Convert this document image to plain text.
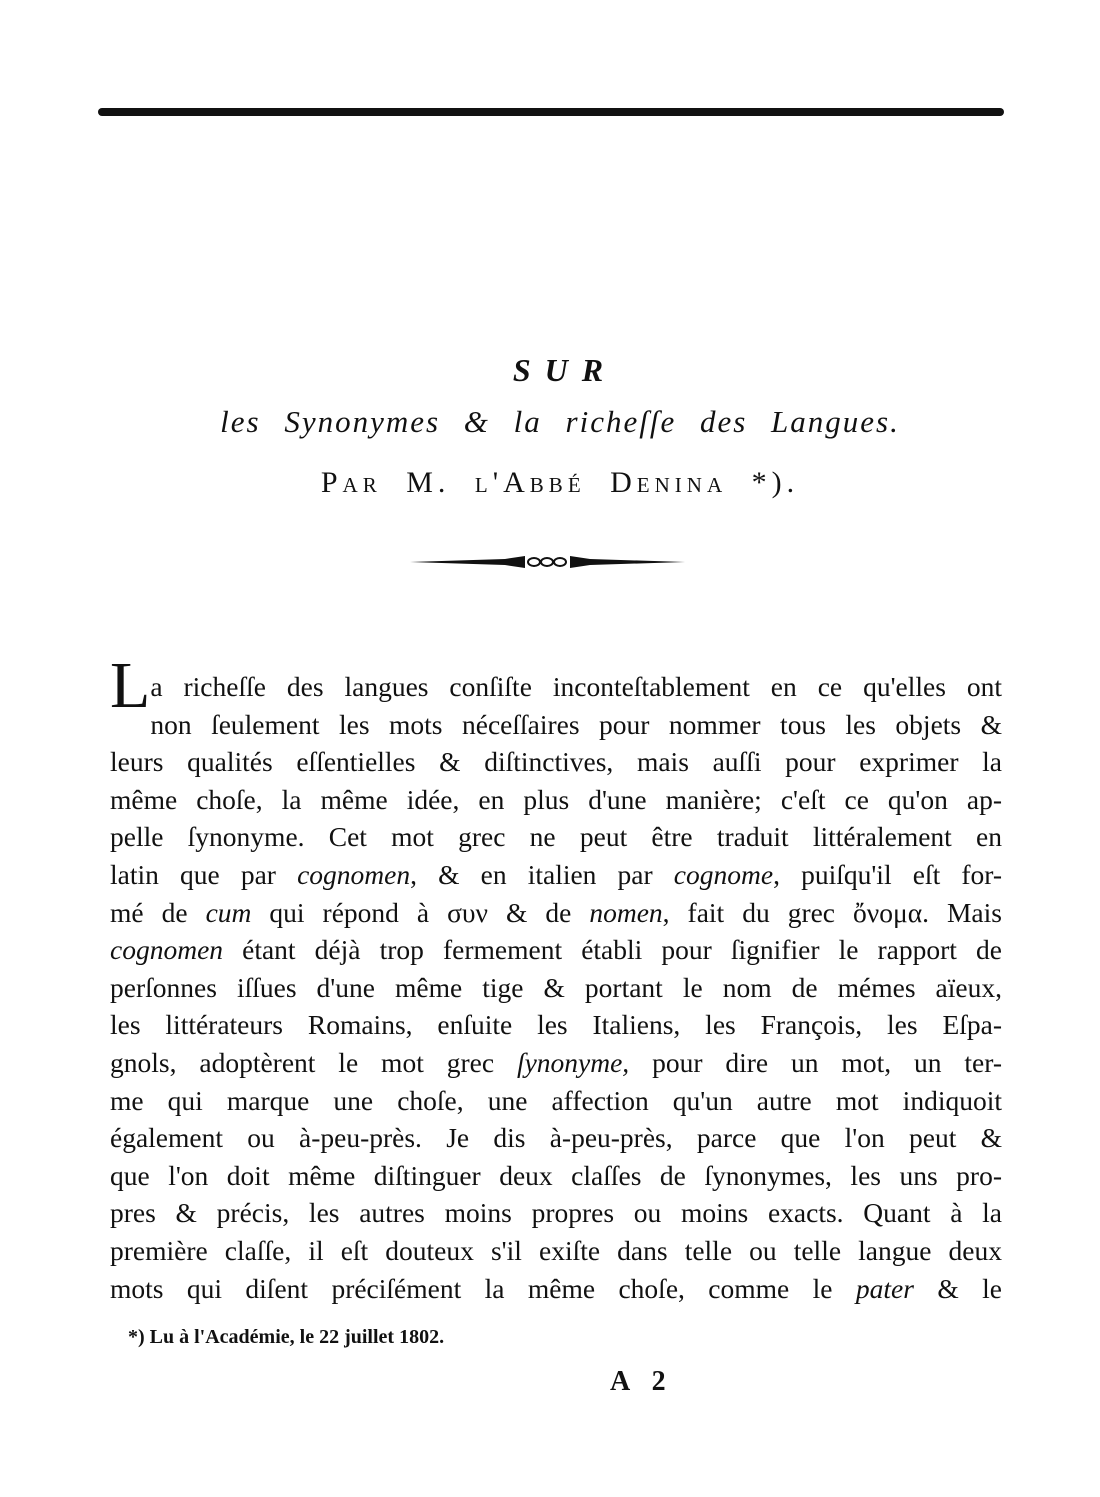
SUR
les Synonymes & la richeſſe des Langues.
Par M. l'Abbé Denina *).
L a richeſſe des langues conſiſte inconteſtablement en ce qu'elles ont
non ſeulement les mots néceſſaires pour nommer tous les objets &
leurs qualités eſſentielles & diſtinctives, mais auſſi pour exprimer la
même choſe, la même idée, en plus d'une manière; c'eſt ce qu'on ap-
pelle ſynonyme. Cet mot grec ne peut être traduit littéralement en
latin que par cognomen, & en italien par cognome, puiſqu'il eſt for-
mé de cum qui répond à συν & de nomen, fait du grec ὄνομα. Mais
cognomen étant déjà trop fermement établi pour ſignifier le rapport de
perſonnes iſſues d'une même tige & portant le nom de mémes aïeux,
les littérateurs Romains, enſuite les Italiens, les François, les Eſpa-
gnols, adoptèrent le mot grec ſynonyme, pour dire un mot, un ter-
me qui marque une choſe, une affection qu'un autre mot indiquoit
également ou à-peu-près. Je dis à-peu-près, parce que l'on peut &
que l'on doit même diſtinguer deux claſſes de ſynonymes, les uns pro-
pres & précis, les autres moins propres ou moins exacts. Quant à la
première claſſe, il eſt douteux s'il exiſte dans telle ou telle langue deux
mots qui diſent préciſément la même choſe, comme le pater & le
*) Lu à l'Académie, le 22 juillet 1802.
A 2
